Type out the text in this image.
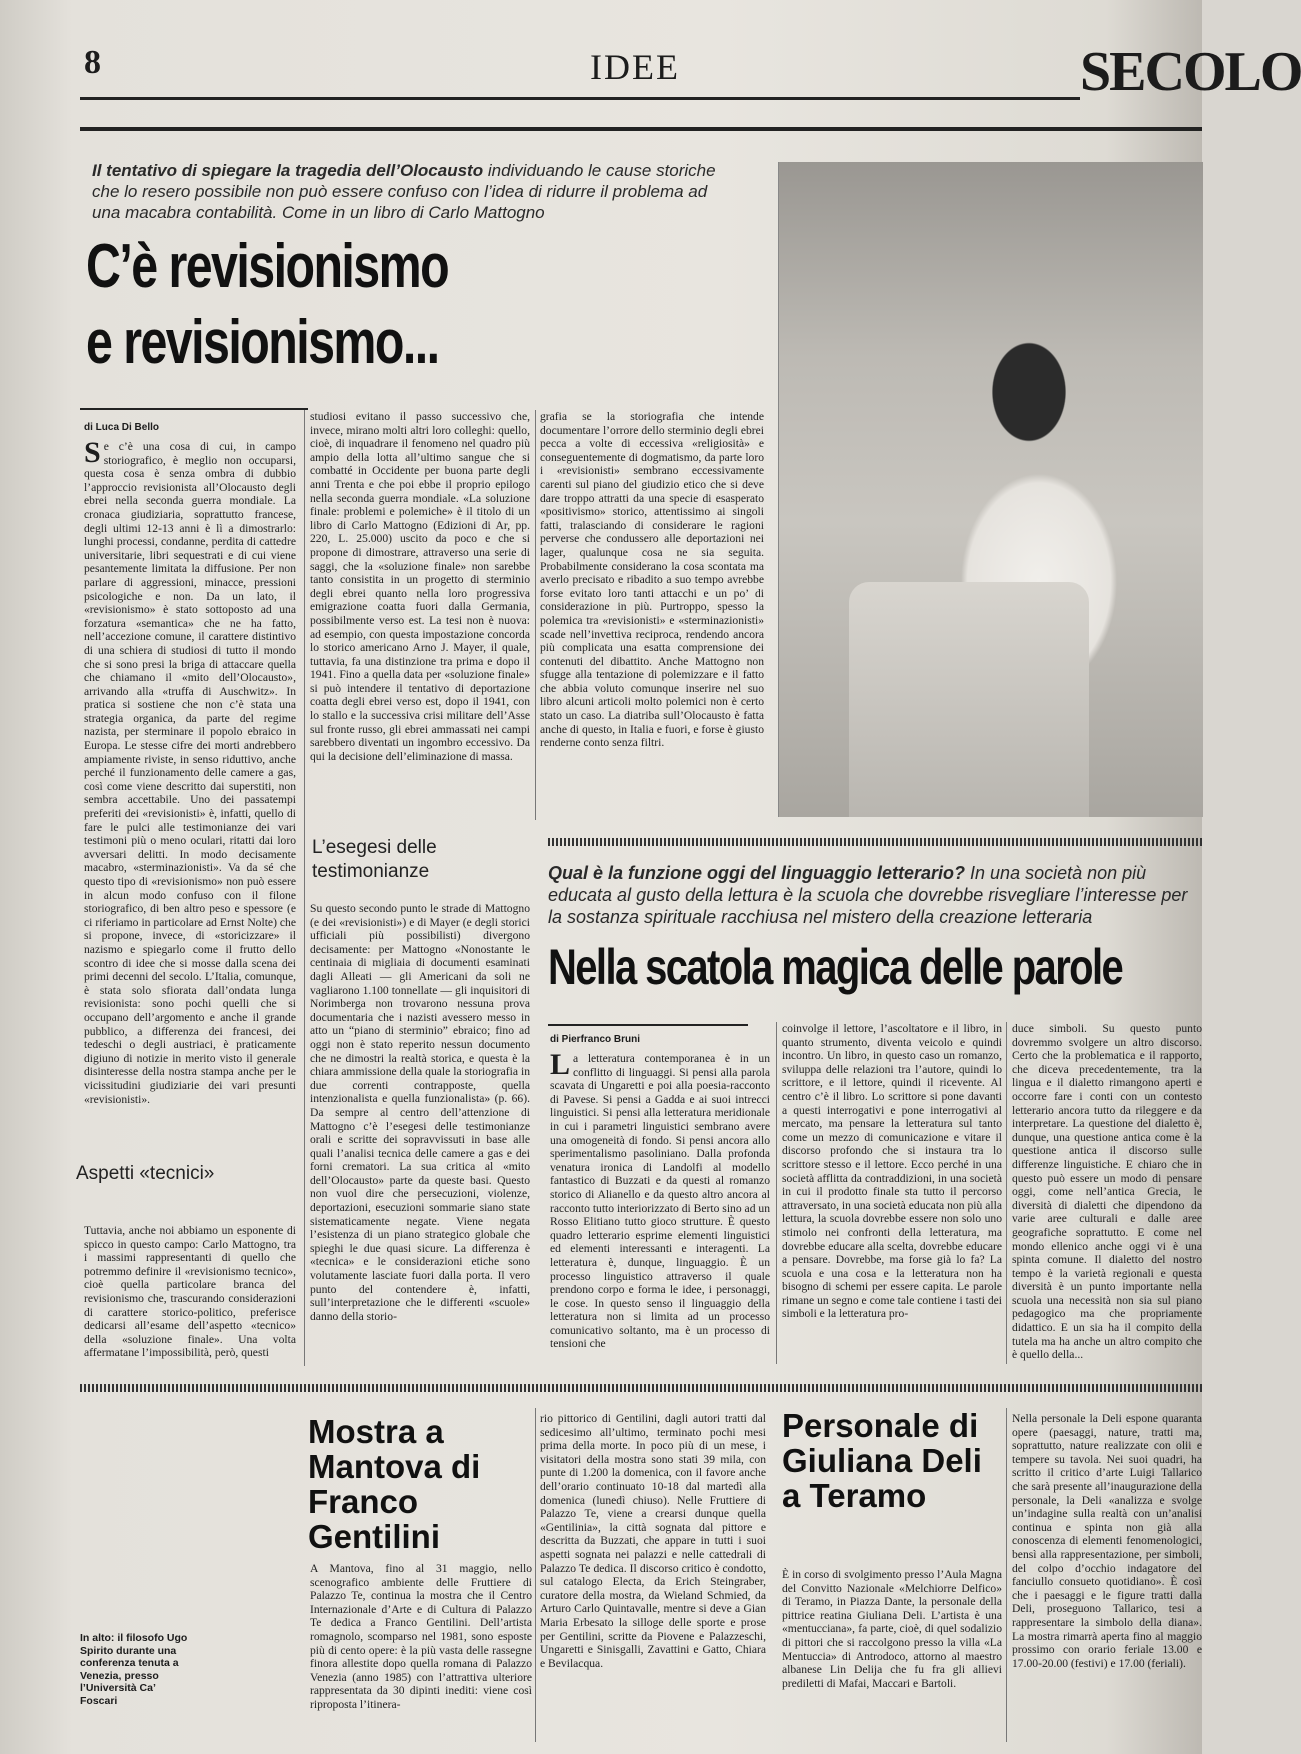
8	IDEE	SECOLO
Il tentativo di spiegare la tragedia dell’Olocausto individuando le cause storiche che lo resero possibile non può essere confuso con l’idea di ridurre il problema ad una macabra contabilità. Come in un libro di Carlo Mattogno
C’è revisionismo
e revisionismo...
di Luca Di Bello
Se c’è una cosa di cui, in campo storiografico, è meglio non occuparsi, questa cosa è senza ombra di dubbio l’approccio revisionista all’Olocausto degli ebrei nella seconda guerra mondiale. La cronaca giudiziaria, soprattutto francese, degli ultimi 12-13 anni è lì a dimostrarlo: lunghi processi, condanne, perdita di cattedre universitarie, libri sequestrati e di cui viene pesantemente limitata la diffusione. Per non parlare di aggressioni, minacce, pressioni psicologiche e non. Da un lato, il «revisionismo» è stato sottoposto ad una forzatura «semantica» che ne ha fatto, nell’accezione comune, il carattere distintivo di una schiera di studiosi di tutto il mondo che si sono presi la briga di attaccare quella che chiamano il «mito dell’Olocausto», arrivando alla «truffa di Auschwitz». In pratica si sostiene che non c’è stata una strategia organica, da parte del regime nazista, per sterminare il popolo ebraico in Europa. Le stesse cifre dei morti andrebbero ampiamente riviste, in senso riduttivo, anche perché il funzionamento delle camere a gas, così come viene descritto dai superstiti, non sembra accettabile. Uno dei passatempi preferiti dei «revisionisti» è, infatti, quello di fare le pulci alle testimonianze dei vari testimoni più o meno oculari, ritatti dai loro avversari delitti. In modo decisamente macabro, «sterminazionisti». Va da sé che questo tipo di «revisionismo» non può essere in alcun modo confuso con il filone storiografico, di ben altro peso e spessore (e ci riferiamo in particolare ad Ernst Nolte) che si propone, invece, di «storicizzare» il nazismo e spiegarlo come il frutto dello scontro di idee che si mosse dalla scena dei primi decenni del secolo. L’Italia, comunque, è stata solo sfiorata dall’ondata lunga revisionista: sono pochi quelli che si occupano dell’argomento e anche il grande pubblico, a differenza dei francesi, dei tedeschi o degli austriaci, è praticamente digiuno di notizie in merito visto il generale disinteresse della nostra stampa anche per le vicissitudini giudiziarie dei vari presunti «revisionisti».
Aspetti «tecnici»
Tuttavia, anche noi abbiamo un esponente di spicco in questo campo: Carlo Mattogno, tra i massimi rappresentanti di quello che potremmo definire il «revisionismo tecnico», cioè quella particolare branca del revisionismo che, trascurando considerazioni di carattere storico-politico, preferisce dedicarsi all’esame dell’aspetto «tecnico» della «soluzione finale». Una volta affermatane l’impossibilità, però, questi
studiosi evitano il passo successivo che, invece, mirano molti altri loro colleghi: quello, cioè, di inquadrare il fenomeno nel quadro più ampio della lotta all’ultimo sangue che si combatté in Occidente per buona parte degli anni Trenta e che poi ebbe il proprio epilogo nella seconda guerra mondiale. «La soluzione finale: problemi e polemiche» è il titolo di un libro di Carlo Mattogno (Edizioni di Ar, pp. 220, L. 25.000) uscito da poco e che si propone di dimostrare, attraverso una serie di saggi, che la «soluzione finale» non sarebbe tanto consistita in un progetto di sterminio degli ebrei quanto nella loro progressiva emigrazione coatta fuori dalla Germania, possibilmente verso est. La tesi non è nuova: ad esempio, con questa impostazione concorda lo storico americano Arno J. Mayer, il quale, tuttavia, fa una distinzione tra prima e dopo il 1941. Fino a quella data per «soluzione finale» si può intendere il tentativo di deportazione coatta degli ebrei verso est, dopo il 1941, con lo stallo e la successiva crisi militare dell’Asse sul fronte russo, gli ebrei ammassati nei campi sarebbero diventati un ingombro eccessivo. Da qui la decisione dell’eliminazione di massa.
L’esegesi delle testimonianze
Su questo secondo punto le strade di Mattogno (e dei «revisionisti») e di Mayer (e degli storici ufficiali più possibilisti) divergono decisamente: per Mattogno «Nonostante le centinaia di migliaia di documenti esaminati dagli Alleati — gli Americani da soli ne vagliarono 1.100 tonnellate — gli inquisitori di Norimberga non trovarono nessuna prova documentaria che i nazisti avessero messo in atto un “piano di sterminio” ebraico; fino ad oggi non è stato reperito nessun documento che ne dimostri la realtà storica, e questa è la chiara ammissione della quale la storiografia in due correnti contrapposte, quella intenzionalista e quella funzionalista» (p. 66). Da sempre al centro dell’attenzione di Mattogno c’è l’esegesi delle testimonianze orali e scritte dei sopravvissuti in base alle quali l’analisi tecnica delle camere a gas e dei forni crematori. La sua critica al «mito dell’Olocausto» parte da queste basi. Questo non vuol dire che persecuzioni, violenze, deportazioni, esecuzioni sommarie siano state sistematicamente negate. Viene negata l’esistenza di un piano strategico globale che spieghi le due quasi sicure. La differenza è «tecnica» e le considerazioni etiche sono volutamente lasciate fuori dalla porta. Il vero punto del contendere è, infatti, sull’interpretazione che le differenti «scuole» danno della storio-
grafia se la storiografia che intende documentare l’orrore dello sterminio degli ebrei pecca a volte di eccessiva «religiosità» e conseguentemente di dogmatismo, da parte loro i «revisionisti» sembrano eccessivamente carenti sul piano del giudizio etico che si deve dare troppo attratti da una specie di esasperato «positivismo» storico, attentissimo ai singoli fatti, tralasciando di considerare le ragioni perverse che condussero alle deportazioni nei lager, qualunque cosa ne sia seguita. Probabilmente considerano la cosa scontata ma averlo precisato e ribadito a suo tempo avrebbe forse evitato loro tanti attacchi e un po’ di considerazione in più. Purtroppo, spesso la polemica tra «revisionisti» e «sterminazionisti» scade nell’invettiva reciproca, rendendo ancora più complicata una esatta comprensione dei contenuti del dibattito. Anche Mattogno non sfugge alla tentazione di polemizzare e il fatto che abbia voluto comunque inserire nel suo libro alcuni articoli molto polemici non è certo stato un caso. La diatriba sull’Olocausto è fatta anche di questo, in Italia e fuori, e forse è giusto renderne conto senza filtri.
Qual è la funzione oggi del linguaggio letterario? In una società non più educata al gusto della lettura è la scuola che dovrebbe risvegliare l’interesse per la sostanza spirituale racchiusa nel mistero della creazione letteraria
Nella scatola magica delle parole
di Pierfranco Bruni
La letteratura contemporanea è in un conflitto di linguaggi. Si pensi alla parola scavata di Ungaretti e poi alla poesia-racconto di Pavese. Si pensi a Gadda e ai suoi intrecci linguistici. Si pensi alla letteratura meridionale in cui i parametri linguistici sembrano avere una omogeneità di fondo. Si pensi ancora allo sperimentalismo pasoliniano. Dalla profonda venatura ironica di Landolfi al modello fantastico di Buzzati e da questi al romanzo storico di Alianello e da questo altro ancora al racconto tutto interiorizzato di Berto sino ad un Rosso Elitiano tutto gioco strutture. È questo quadro letterario esprime elementi linguistici ed elementi interessanti e interagenti. La letteratura è, dunque, linguaggio. È un processo linguistico attraverso il quale prendono corpo e forma le idee, i personaggi, le cose. In questo senso il linguaggio della letteratura non si limita ad un processo comunicativo soltanto, ma è un processo di tensioni che
coinvolge il lettore, l’ascoltatore e il libro, in quanto strumento, diventa veicolo e quindi incontro. Un libro, in questo caso un romanzo, sviluppa delle relazioni tra l’autore, quindi lo scrittore, e il lettore, quindi il ricevente. Al centro c’è il libro. Lo scrittore si pone davanti a questi interrogativi e pone interrogativi al mercato, ma pensare la letteratura sul tanto come un mezzo di comunicazione e vitare il discorso profondo che si instaura tra lo scrittore stesso e il lettore. Ecco perché in una società afflitta da contraddizioni, in una società in cui il prodotto finale sta tutto il percorso attraversato, in una società educata non più alla lettura, la scuola dovrebbe essere non solo uno stimolo nei confronti della letteratura, ma dovrebbe educare alla scelta, dovrebbe educare a pensare. Dovrebbe, ma forse già lo fa? La scuola e una cosa e la letteratura non ha bisogno di schemi per essere capita. Le parole rimane un segno e come tale contiene i tasti dei simboli e la letteratura pro-
duce simboli. Su questo punto dovremmo svolgere un altro discorso. Certo che la problematica e il rapporto, che diceva precedentemente, tra la lingua e il dialetto rimangono aperti e occorre fare i conti con un contesto letterario ancora tutto da rileggere e da interpretare. La questione del dialetto è, dunque, una questione antica come è la questione antica il discorso sulle differenze linguistiche. E chiaro che in questo può essere un modo di pensare oggi, come nell’antica Grecia, le diversità di dialetti che dipendono da varie aree culturali e dalle aree geografiche soprattutto. E come nel mondo ellenico anche oggi vi è una spinta comune. Il dialetto del nostro tempo è la varietà regionali e questa diversità è un punto importante nella scuola una necessità non sia sul piano pedagogico ma che propriamente didattico. E un sia ha il compito della tutela ma ha anche un altro compito che è quello della...
Mostra a Mantova di Franco Gentilini
A Mantova, fino al 31 maggio, nello scenografico ambiente delle Fruttiere di Palazzo Te, continua la mostra che il Centro Internazionale d’Arte e di Cultura di Palazzo Te dedica a Franco Gentilini. Dell’artista romagnolo, scomparso nel 1981, sono esposte più di cento opere: è la più vasta delle rassegne finora allestite dopo quella romana di Palazzo Venezia (anno 1985) con l’attrattiva ulteriore rappresentata da 30 dipinti inediti: viene così riproposta l’itinera-
rio pittorico di Gentilini, dagli autori tratti dal sedicesimo all’ultimo, terminato pochi mesi prima della morte. In poco più di un mese, i visitatori della mostra sono stati 39 mila, con punte di 1.200 la domenica, con il favore anche dell’orario continuato 10-18 dal martedì alla domenica (lunedì chiuso). Nelle Fruttiere di Palazzo Te, viene a crearsi dunque quella «Gentilinia», la città sognata dal pittore e descritta da Buzzati, che appare in tutti i suoi aspetti sognata nei palazzi e nelle cattedrali di Palazzo Te dedica. Il discorso critico è condotto, sul catalogo Electa, da Erich Steingraber, curatore della mostra, da Wieland Schmied, da Arturo Carlo Quintavalle, mentre si deve a Gian Maria Erbesato la silloge delle sporte e prose per Gentilini, scritte da Piovene e Palazzeschi, Ungaretti e Sinisgalli, Zavattini e Gatto, Chiara e Bevilacqua.
Personale di Giuliana Deli a Teramo
È in corso di svolgimento presso l’Aula Magna del Convitto Nazionale «Melchiorre Delfico» di Teramo, in Piazza Dante, la personale della pittrice reatina Giuliana Deli. L’artista è una «mentucciana», fa parte, cioè, di quel sodalizio di pittori che si raccolgono presso la villa «La Mentuccia» di Antrodoco, attorno al maestro albanese Lin Delija che fu fra gli allievi prediletti di Mafai, Maccari e Bartoli.
Nella personale la Deli espone quaranta opere (paesaggi, nature, tratti ma, soprattutto, nature realizzate con olii e tempere su tavola. Nei suoi quadri, ha scritto il critico d’arte Luigi Tallarico che sarà presente all’inaugurazione della personale, la Deli «analizza e svolge un’indagine sulla realtà con un’analisi continua e spinta non già alla conoscenza di elementi fenomenologici, bensì alla rappresentazione, per simboli, del colpo d’occhio indagatore del fanciullo consueto quotidiano». È così che i paesaggi e le figure tratti dalla Deli, proseguono Tallarico, tesi a rappresentare la simbolo della diana». La mostra rimarrà aperta fino al maggio prossimo con orario feriale 13.00 e 17.00-20.00 (festivi) e 17.00 (feriali).
In alto: il filosofo Ugo Spirito durante una conferenza tenuta a Venezia, presso l’Università Ca’ Foscari
